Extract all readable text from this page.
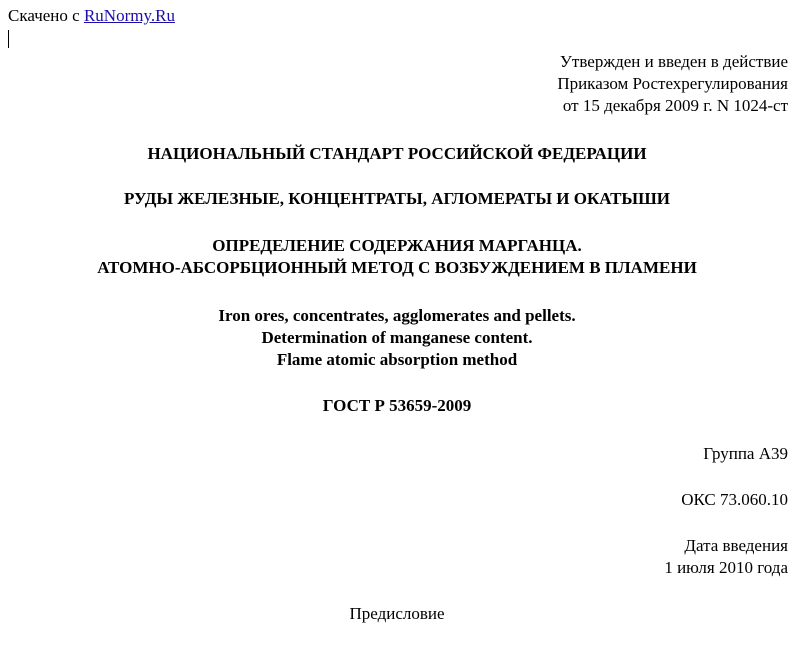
Скачено с RuNormy.Ru
Утвержден и введен в действие
Приказом Ростехрегулирования
от 15 декабря 2009 г. N 1024-ст
НАЦИОНАЛЬНЫЙ СТАНДАРТ РОССИЙСКОЙ ФЕДЕРАЦИИ
РУДЫ ЖЕЛЕЗНЫЕ, КОНЦЕНТРАТЫ, АГЛОМЕРАТЫ И ОКАТЫШИ
ОПРЕДЕЛЕНИЕ СОДЕРЖАНИЯ МАРГАНЦА.
АТОМНО-АБСОРБЦИОННЫЙ МЕТОД С ВОЗБУЖДЕНИЕМ В ПЛАМЕНИ
Iron ores, concentrates, agglomerates and pellets.
Determination of manganese content.
Flame atomic absorption method
ГОСТ Р 53659-2009
Группа А39
ОКС 73.060.10
Дата введения
1 июля 2010 года
Предисловие
